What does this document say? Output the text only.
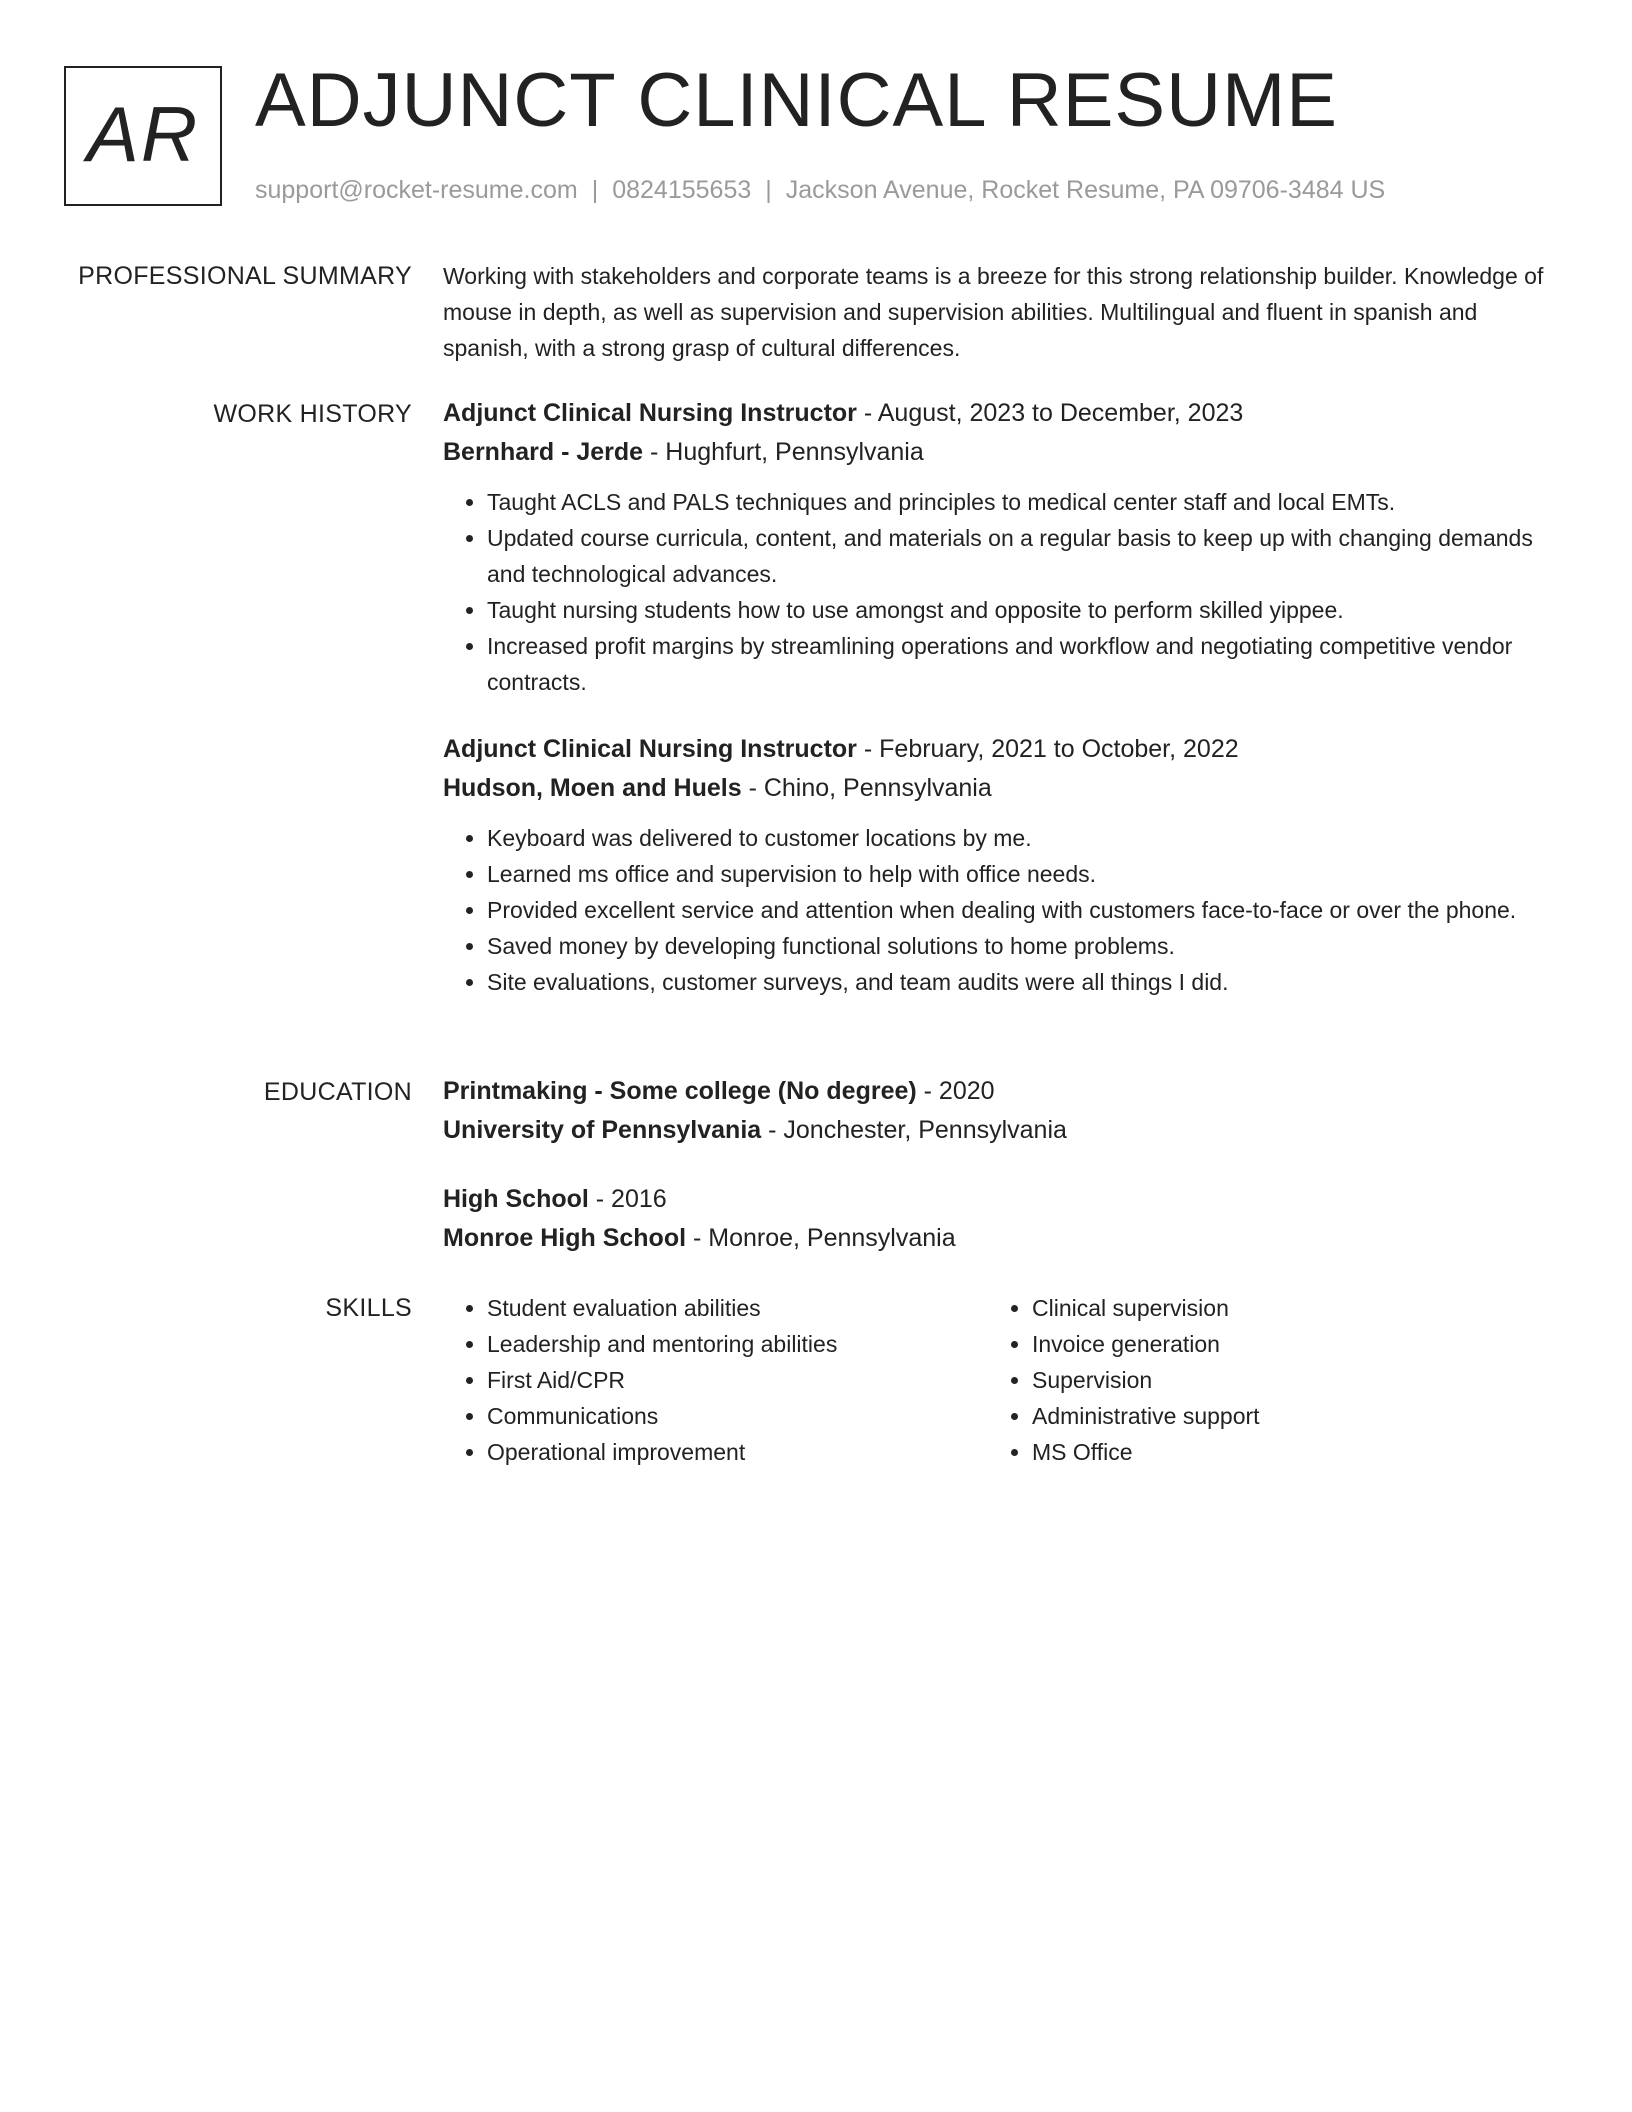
AR ADJUNCT CLINICAL RESUME
support@rocket-resume.com | 0824155653 | Jackson Avenue, Rocket Resume, PA 09706-3484 US
PROFESSIONAL SUMMARY Working with stakeholders and corporate teams is a breeze for this strong relationship builder. Knowledge of mouse in depth, as well as supervision and supervision abilities. Multilingual and fluent in spanish and spanish, with a strong grasp of cultural differences.

WORK HISTORY Adjunct Clinical Nursing Instructor - August, 2023 to December, 2023

Bernhard - Jerde - Hughfurt, Pennsylvania

• Taught ACLS and PALS techniques and principles to medical center staff and local EMTs.
• Updated course curricula, content, and materials on a regular basis to keep up with changing demands and technological advances.
• Taught nursing students how to use amongst and opposite to perform skilled yippee.
• Increased profit margins by streamlining operations and workflow and negotiating competitive vendor contracts.

Adjunct Clinical Nursing Instructor - February, 2021 to October, 2022

Hudson, Moen and Huels - Chino, Pennsylvania

• Keyboard was delivered to customer locations by me.
• Learned ms office and supervision to help with office needs.
• Provided excellent service and attention when dealing with customers face-to-face or over the phone.
• Saved money by developing functional solutions to home problems.
• Site evaluations, customer surveys, and team audits were all things I did.
EDUCATION Printmaking - Some college (No degree) - 2020

University of Pennsylvania - Jonchester, Pennsylvania

High School - 2016

Monroe High School - Monroe, Pennsylvania

SKILLS
•	Student evaluation abilities
• Leadership and mentoring abilities
• First Aid/CPR
• Communications
• Operational improvement
• Clinical supervision
• Invoice generation
• Supervision
• Administrative support
• MS Office
